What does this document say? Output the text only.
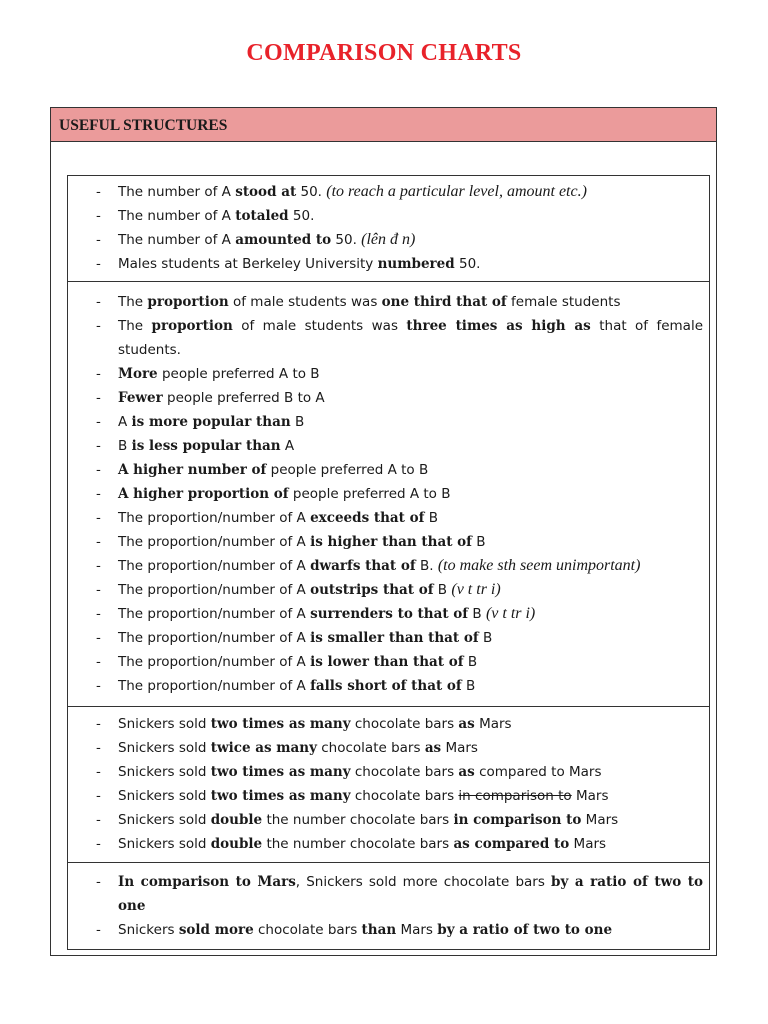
COMPARISON CHARTS
USEFUL STRUCTURES
- The number of A stood at 50. (to reach a particular level, amount etc.)
- The number of A totaled 50.
- The number of A amounted to 50. (lên đ n)
- Males students at Berkeley University numbered 50.
- The proportion of male students was one third that of female students
- The proportion of male students was three times as high as that of female students.
- More people preferred A to B
- Fewer people preferred B to A
- A is more popular than B
- B is less popular than A
- A higher number of people preferred A to B
- A higher proportion of people preferred A to B
- The proportion/number of A exceeds that of B
- The proportion/number of A is higher than that of B
- The proportion/number of A dwarfs that of B. (to make sth seem unimportant)
- The proportion/number of A outstrips that of B (v t tr i)
- The proportion/number of A surrenders to that of B (v t tr i)
- The proportion/number of A is smaller than that of B
- The proportion/number of A is lower than that of B
- The proportion/number of A falls short of that of B
- Snickers sold two times as many chocolate bars as Mars
- Snickers sold twice as many chocolate bars as Mars
- Snickers sold two times as many chocolate bars as compared to Mars
- Snickers sold two times as many chocolate bars in comparison to Mars
- Snickers sold double the number chocolate bars in comparison to Mars
- Snickers sold double the number chocolate bars as compared to Mars
- In comparison to Mars, Snickers sold more chocolate bars by a ratio of two to one
- Snickers sold more chocolate bars than Mars by a ratio of two to one
